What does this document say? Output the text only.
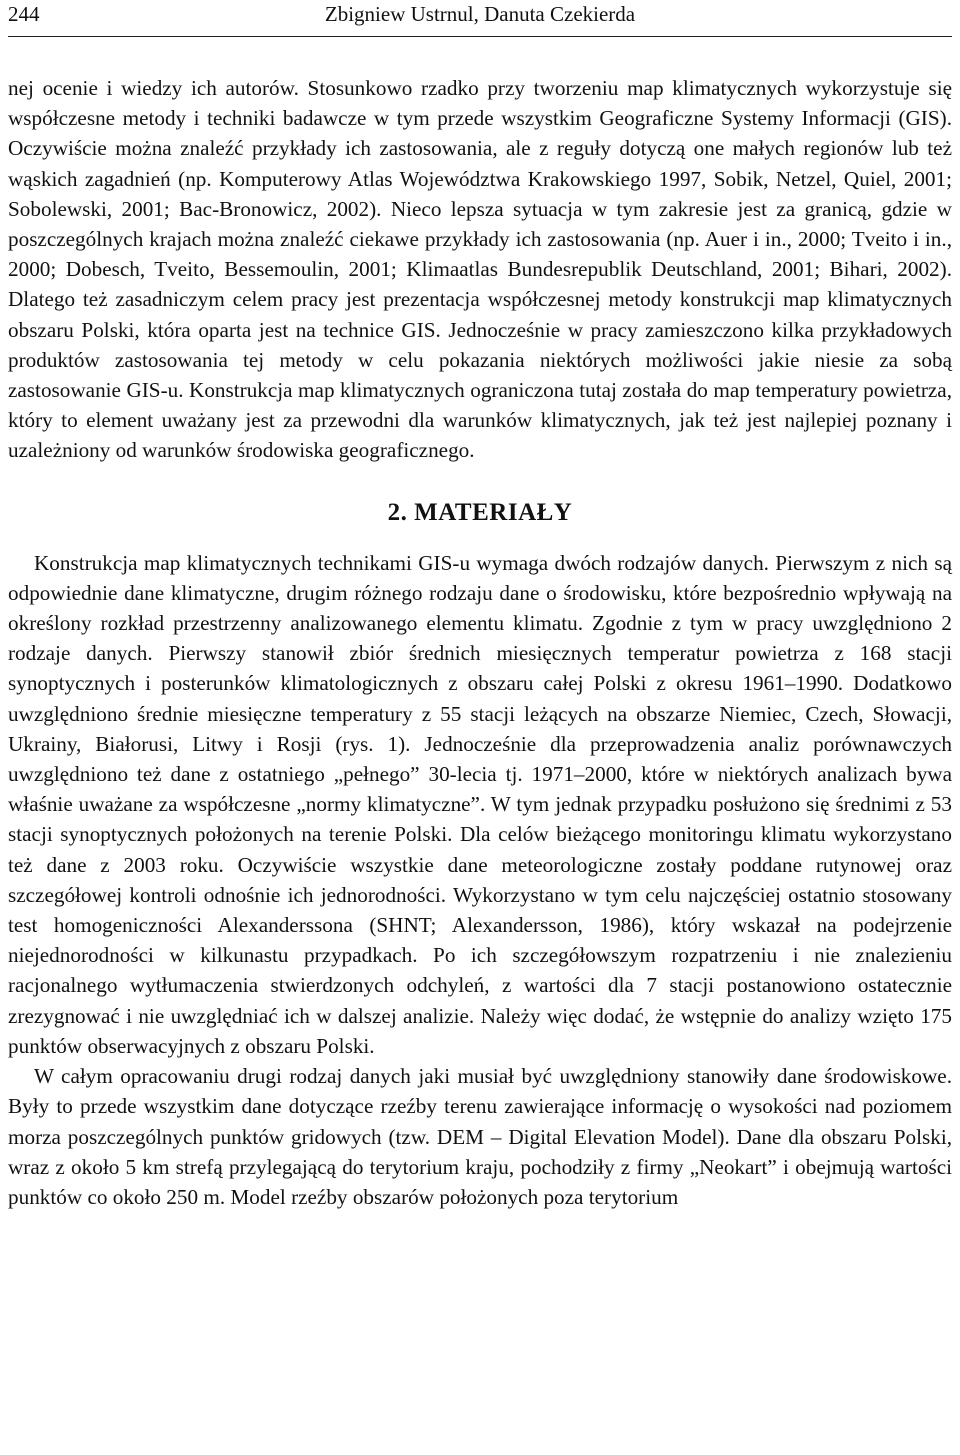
244	Zbigniew Ustrnul, Danuta Czekierda

nej ocenie i wiedzy ich autorów. Stosunkowo rzadko przy tworzeniu map klimatycznych wykorzystuje się współczesne metody i techniki badawcze w tym przede wszystkim Geograficzne Systemy Informacji (GIS). Oczywiście można znaleźć przykłady ich zastosowania, ale z reguły dotyczą one małych regionów lub też wąskich zagadnień (np. Komputerowy Atlas Województwa Krakowskiego 1997, Sobik, Netzel, Quiel, 2001; Sobolewski, 2001; Bac-Bronowicz, 2002). Nieco lepsza sytuacja w tym zakresie jest za granicą, gdzie w poszczególnych krajach można znaleźć ciekawe przykłady ich zastosowania (np. Auer i in., 2000; Tveito i in., 2000; Dobesch, Tveito, Bessemoulin, 2001; Klimaatlas Bundesrepublik Deutschland, 2001; Bihari, 2002). Dlatego też zasadniczym celem pracy jest prezentacja współczesnej metody konstrukcji map klimatycznych obszaru Polski, która oparta jest na technice GIS. Jednocześnie w pracy zamieszczono kilka przykładowych produktów zastosowania tej metody w celu pokazania niektórych możliwości jakie niesie za sobą zastosowanie GIS-u. Konstrukcja map klimatycznych ograniczona tutaj została do map temperatury powietrza, który to element uważany jest za przewodni dla warunków klimatycznych, jak też jest najlepiej poznany i uzależniony od warunków środowiska geograficznego.

2. MATERIAŁY

Konstrukcja map klimatycznych technikami GIS-u wymaga dwóch rodzajów danych. Pierwszym z nich są odpowiednie dane klimatyczne, drugim różnego rodzaju dane o środowisku, które bezpośrednio wpływają na określony rozkład przestrzenny analizowanego elementu klimatu. Zgodnie z tym w pracy uwzględniono 2 rodzaje danych. Pierwszy stanowił zbiór średnich miesięcznych temperatur powietrza z 168 stacji synoptycznych i posterunków klimatologicznych z obszaru całej Polski z okresu 1961–1990. Dodatkowo uwzględniono średnie miesięczne temperatury z 55 stacji leżących na obszarze Niemiec, Czech, Słowacji, Ukrainy, Białorusi, Litwy i Rosji (rys. 1). Jednocześnie dla przeprowadzenia analiz porównawczych uwzględniono też dane z ostatniego „pełnego” 30-lecia tj. 1971–2000, które w niektórych analizach bywa właśnie uważane za współczesne „normy klimatyczne”. W tym jednak przypadku posłużono się średnimi z 53 stacji synoptycznych położonych na terenie Polski. Dla celów bieżącego monitoringu klimatu wykorzystano też dane z 2003 roku. Oczywiście wszystkie dane meteorologiczne zostały poddane rutynowej oraz szczegółowej kontroli odnośnie ich jednorodności. Wykorzystano w tym celu najczęściej ostatnio stosowany test homogeniczności Alexanderssona (SHNT; Alexandersson, 1986), który wskazał na podejrzenie niejednorodności w kilkunastu przypadkach. Po ich szczegółowszym rozpatrzeniu i nie znalezieniu racjonalnego wytłumaczenia stwierdzonych odchyleń, z wartości dla 7 stacji postanowiono ostatecznie zrezygnować i nie uwzględniać ich w dalszej analizie. Należy więc dodać, że wstępnie do analizy wzięto 175 punktów obserwacyjnych z obszaru Polski.

W całym opracowaniu drugi rodzaj danych jaki musiał być uwzględniony stanowiły dane środowiskowe. Były to przede wszystkim dane dotyczące rzeźby terenu zawierające informację o wysokości nad poziomem morza poszczególnych punktów gridowych (tzw. DEM – Digital Elevation Model). Dane dla obszaru Polski, wraz z około 5 km strefą przylegającą do terytorium kraju, pochodziły z firmy „Neokart” i obejmują wartości punktów co około 250 m. Model rzeźby obszarów położonych poza terytorium
